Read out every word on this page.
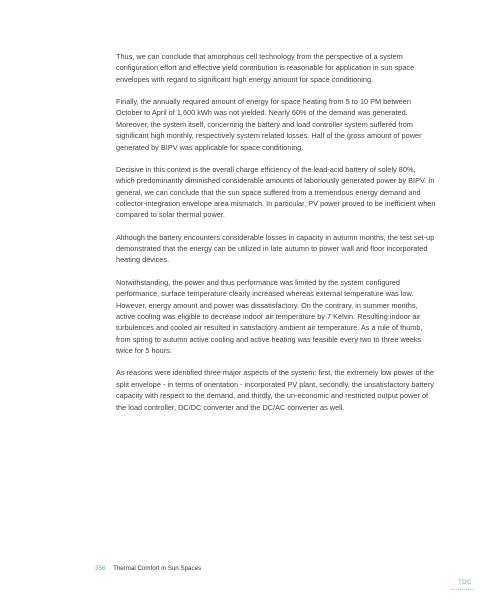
Thus, we can conclude that amorphous cell technology from the perspective of a system configuration effort and effective yield contribution is reasonable for application in sun space envelopes with regard to significant high energy amount for space conditioning.

Finally, the annually required amount of energy for space heating from 5 to 10 PM between October to April of 1,600 kWh was not yielded. Nearly 60% of the demand was generated. Moreover, the system itself, concerning the battery and load controller system suffered from significant high monthly, respectively system related losses. Half of the gross amount of power generated by BIPV was applicable for space conditioning.

Decisive in this context is the overall charge efficiency of the lead-acid battery of solely 80%, which predominantly diminished considerable amounts of laboriously generated power by BIPV. In general, we can conclude that the sun space suffered from a tremendous energy demand and collector-integration envelope area mismatch. In particular, PV power proved to be inefficient when compared to solar thermal power.

Although the battery encounters considerable losses in capacity in autumn months, the test set-up demonstrated that the energy can be utilized in late autumn to power wall and floor incorporated heating devices.

Notwithstanding, the power and thus performance was limited by the system configured performance, surface temperature clearly increased whereas external temperature was low. However, energy amount and power was dissatisfactory. On the contrary, in summer months, active cooling was eligible to decrease indoor air temperature by 7 Kelvin. Resulting indoor air turbulences and cooled air resulted in satisfactory ambient air temperature. As a rule of thumb, from spring to autumn active cooling and active heating was feasible every two to three weeks twice for 5 hours.

As reasons were identified three major aspects of the system: first, the extremely low power of the split envelope - in terms of orientation - incorporated PV plant, secondly, the unsatisfactory battery capacity with respect to the demand, and thirdly, the un-economic and restricted output power of the load controller, DC/DC converter and the DC/AC converter as well.

356 Thermal Comfort in Sun Spaces
TOC
